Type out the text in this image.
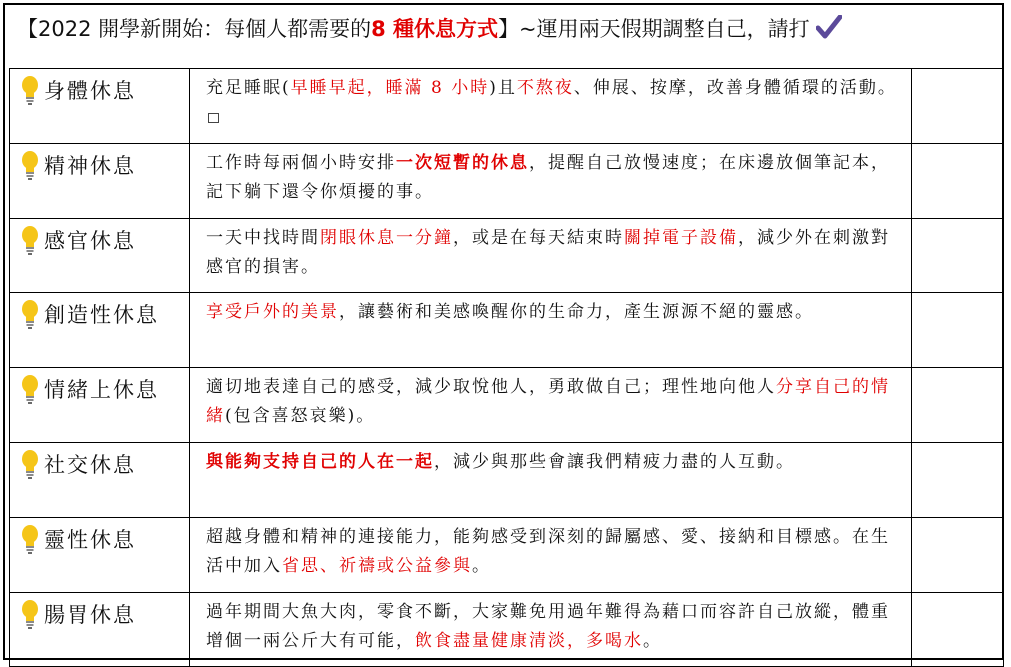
【2022 開學新開始：每個人都需要的 8 種休息方式 】~運用兩天假期調整自己，請打
身體休息	充足睡眠(早睡早起，睡滿 8 小時)且不熬夜、伸展、按摩，改善身體循環的活動。	

精神休息	工作時每兩個小時安排一次短暫的休息，提醒自己放慢速度；在床邊放個筆記本，記下躺下還令你煩擾的事。	

感官休息	一天中找時間閉眼休息一分鐘，或是在每天結束時關掉電子設備，減少外在刺激對感官的損害。	

創造性休息	享受戶外的美景，讓藝術和美感喚醒你的生命力，產生源源不絕的靈感。	

情緒上休息	適切地表達自己的感受，減少取悅他人，勇敢做自己；理性地向他人分享自己的情緒(包含喜怒哀樂)。	

社交休息	與能夠支持自己的人在一起，減少與那些會讓我們精疲力盡的人互動。	

靈性休息	超越身體和精神的連接能力，能夠感受到深刻的歸屬感、愛、接納和目標感。在生活中加入省思、祈禱或公益參與。	

腸胃休息	過年期間大魚大肉，零食不斷，大家難免用過年難得為藉口而容許自己放縱，體重增個一兩公斤大有可能，飲食盡量健康清淡，多喝水。	
